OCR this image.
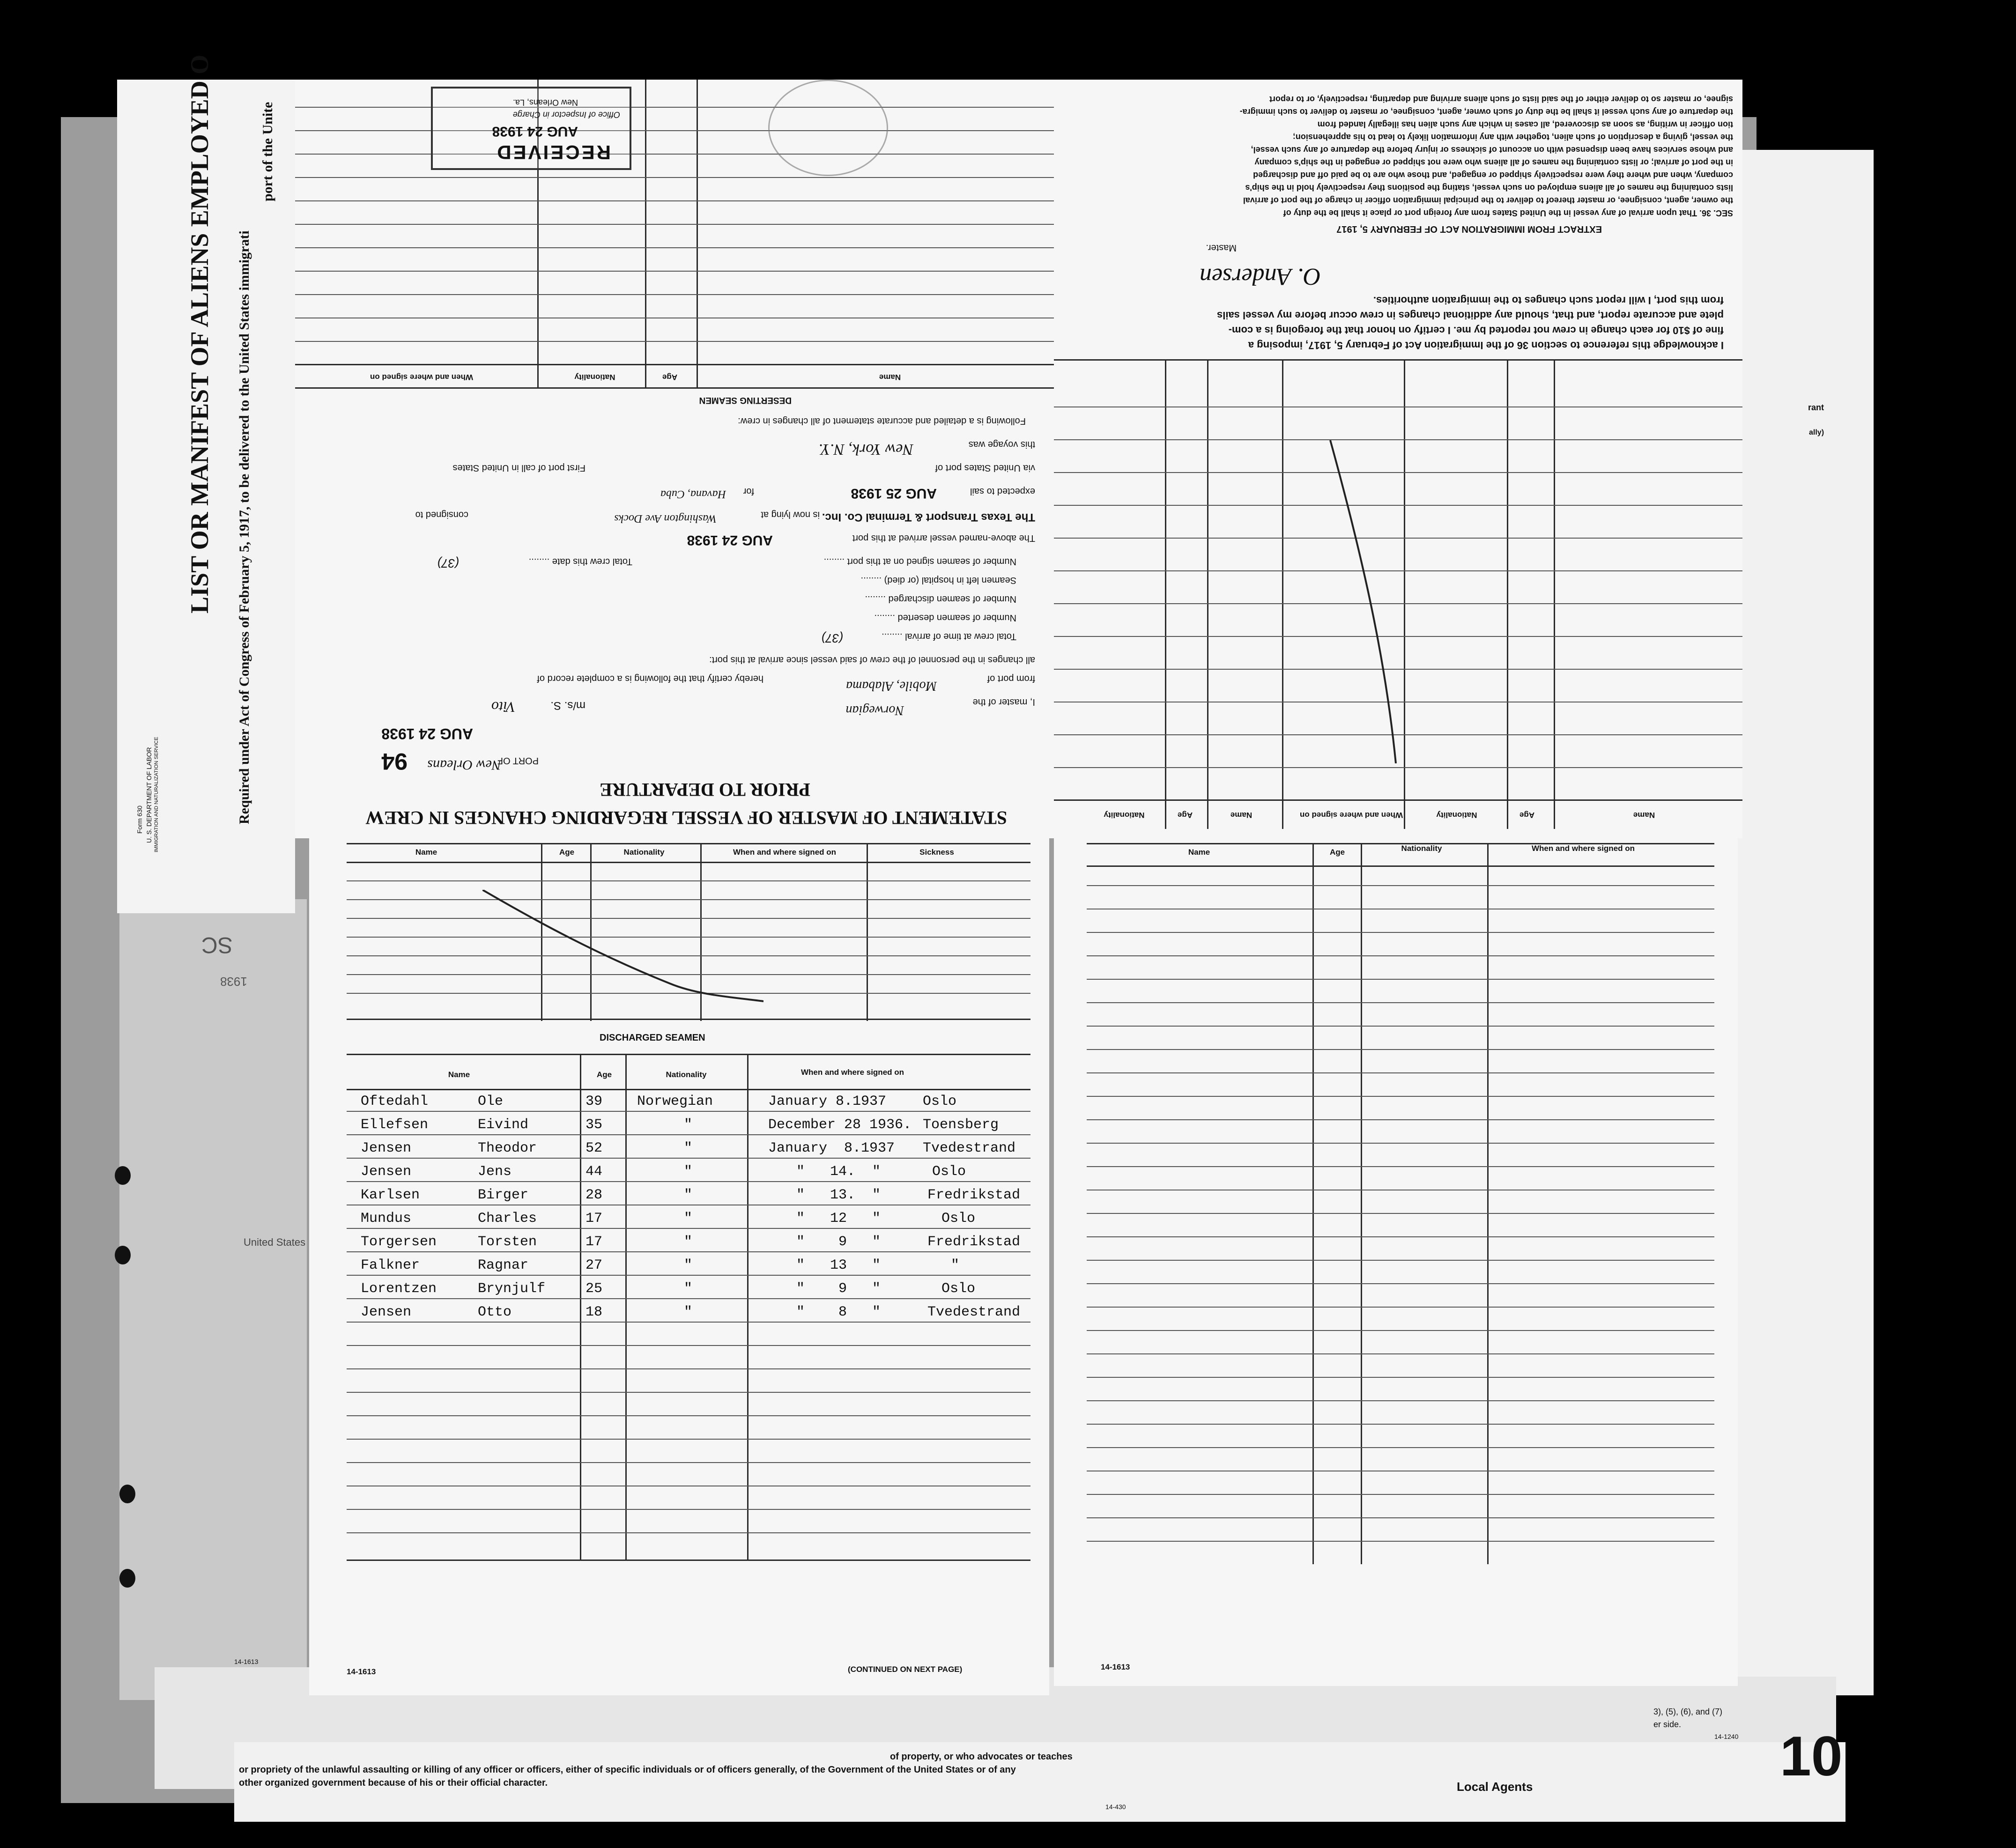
SC
1938
United States
LIST OR MANIFEST OF ALIENS EMPLOYED O Required under Act of Congress of February 5, 1917, to be delivered to the United States immigrati
port of the Unite
Form 630 U. S. DEPARTMENT OF LABOR IMMIGRATION AND NATURALIZATION SERVICE	STATEMENT OF MASTER OF VESSEL REGARDING CHANGES IN CREW
PRIOR TO DEPARTURE
94	PORT OF
New Orleans
AUG 24 1938
I, master of the
Norwegian
m/s. S.
Vito
from port of
Mobile, Alabama
hereby certify that the following is a complete record of
all changes in the personnel of the crew of said vessel since arrival at this port:
Total crew at time of arrival ........
(37)
Number of seamen deserted ........
Number of seamen discharged ........
Seamen left in hospital (or died) ........
Number of seamen signed on at this port ........
Total crew this date ........
(37)
The above-named vessel arrived at this port
AUG 24 1938
The Texas Transport & Terminal Co. Inc.
consigned to	is now lying at
Washington Ave Docks
expected to sail
AUG 25 1938
for
Havana, Cuba
via United States port of
First port of call in United States
this voyage was
New York, N.Y.
Following is a detailed and accurate statement of all changes in crew:
DESERTING SEAMEN
Name
Age
Nationality
When and where signed on
RECEIVED
AUG 24 1938
Office of Inspector in Charge
New Orleans, La.
Name
Age
Nationality
When and where signed on
Name
Age
Nationality
I acknowledge this reference to section 36 of the Immigration Act of February 5, 1917, imposing a
fine of $10 for each change in crew not reported by me. I certify on honor that the foregoing is a com-
plete and accurate report, and that, should any additional changes in crew occur before my vessel sails
from this port, I will report such changes to the immigration authorities.
O. Andersen
Master.
EXTRACT FROM IMMIGRATION ACT OF FEBRUARY 5, 1917
SEC. 36. That upon arrival of any vessel in the United States from any foreign port or place it shall be the duty of
the owner, agent, consignee, or master thereof to deliver to the principal immigration officer in charge of the port of arrival
lists containing the names of all aliens employed on such vessel, stating the positions they respectively hold in the ship's
company, when and where they were respectively shipped or engaged, and those who are to be paid off and discharged
in the port of arrival; or lists containing the names of all aliens who were not shipped or engaged in the ship's company
and whose services have been dispensed with on account of sickness or injury before the departure of any such vessel,
the vessel, giving a description of such alien, together with any information likely to lead to his apprehension;
tion officer in writing, as soon as discovered, all cases in which any such alien has illegally landed from
the departure of any such vessel it shall be the duty of such owner, agent, consignee, or master to deliver to such immigra-
signee, or master so to deliver either of the said lists of such aliens arriving and departing, respectively, or to report
rant
ally)
Name	Age	Nationality	When and where signed on	Sickness
DISCHARGED SEAMEN
Name	Age	Nationality	When and where signed on
Oftedahl	Ole	39 Norwegian	January 8.1937	Oslo
Ellefsen	Eivind	35	"	December 28 1936. Toensberg
Jensen	Theodor	52	"	January  8.1937 Tvedestrand
Jensen	Jens	44	"	"   14.  "	Oslo
Karlsen	Birger	28	"	"   13.  "	Fredrikstad
Mundus	Charles	17	"	"   12   "	Oslo
Torgersen	Torsten	17	"	"    9   "	Fredrikstad
Falkner	Ragnar	27	"	"   13   "	"
Lorentzen	Brynjulf	25	"	"    9   "	Oslo
Jensen	Otto	18	"	"    8   "	Tvedestrand
14-1613	(CONTINUED ON NEXT PAGE)
14-1613
Name	Age	Nationality	When and where signed on
14-1613
of property, or who advocates or teaches
or propriety of the unlawful assaulting or killing of any officer or officers, either of specific individuals or of officers generally, of the Government of the United States or of any
other organized government because of his or their official character.
14-430
Local Agents	10
3), (5), (6), and (7)
er side.
14-1240
